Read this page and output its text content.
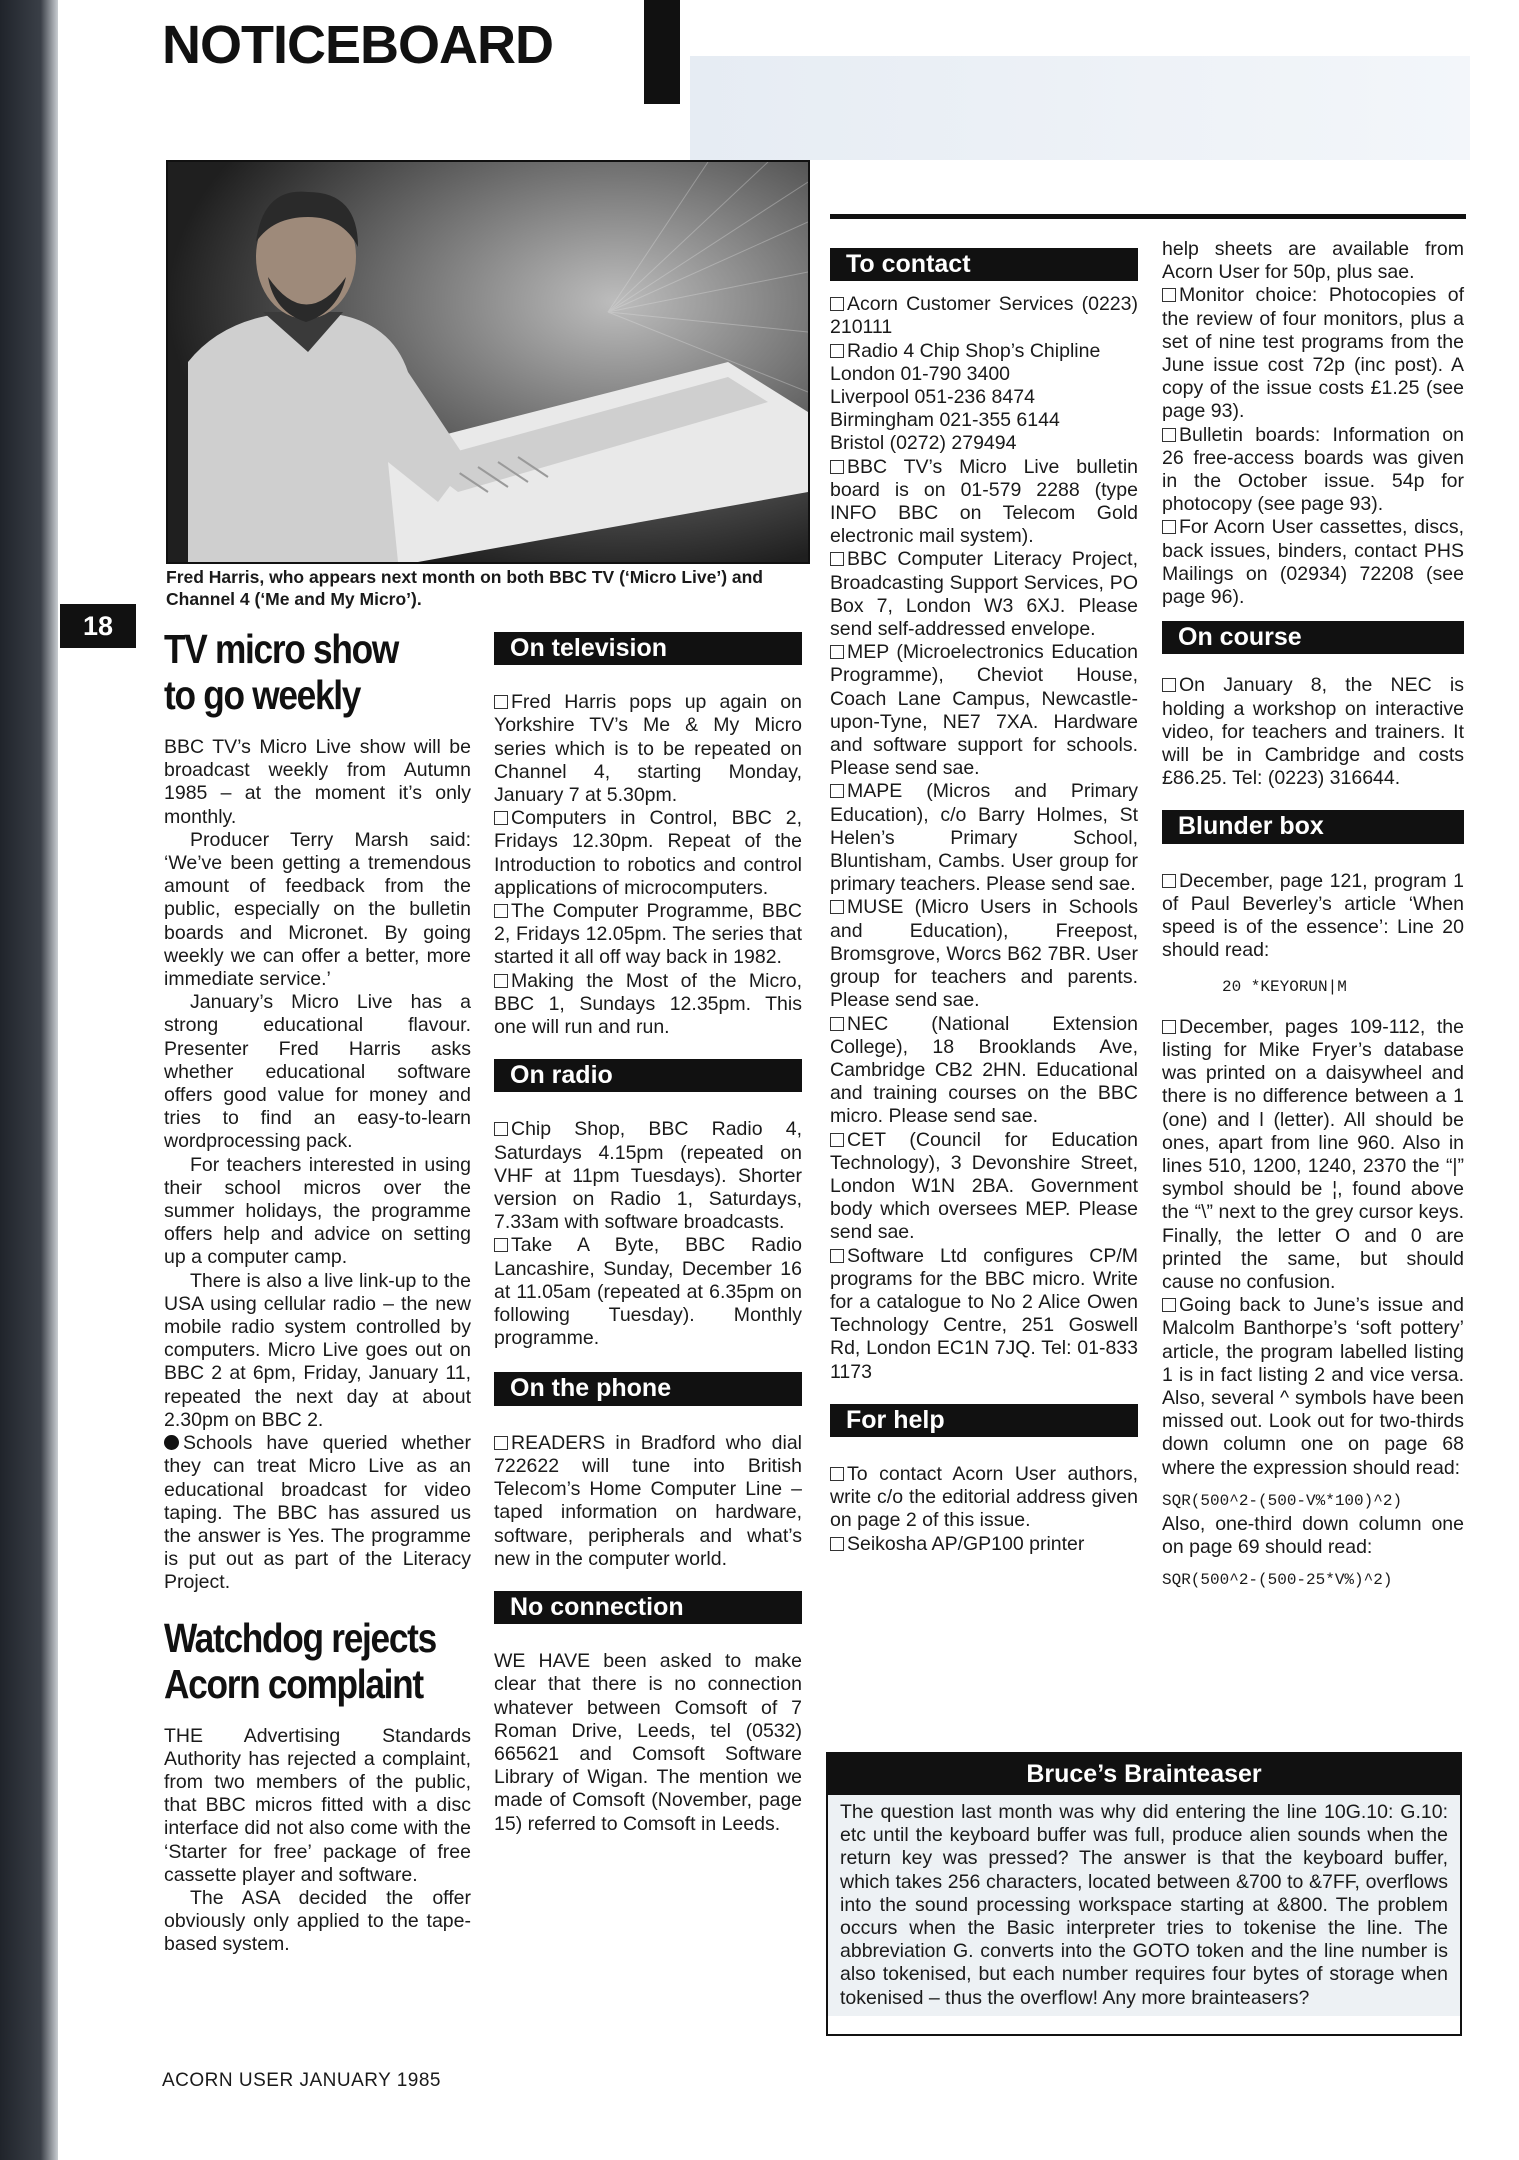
18
NOTICEBOARD
Fred Harris, who appears next month on both BBC TV (‘Micro Live’) and Channel 4 (‘Me and My Micro’).
TV micro show
to go weekly

BBC TV’s Micro Live show will be broadcast weekly from Autumn 1985 – at the moment it’s only monthly.

Producer Terry Marsh said: ‘We’ve been getting a tremendous amount of feedback from the public, especially on the bulletin boards and Micronet. By going weekly we can offer a better, more immediate service.’

January’s Micro Live has a strong educational flavour. Presenter Fred Harris asks whether educational software offers good value for money and tries to find an easy-to-learn wordprocessing pack.

For teachers interested in using their school micros over the summer holidays, the programme offers help and advice on setting up a computer camp.

There is also a live link-up to the USA using cellular radio – the new mobile radio system controlled by computers. Micro Live goes out on BBC 2 at 6pm, Friday, January 11, repeated the next day at about 2.30pm on BBC 2.

Schools have queried whether they can treat Micro Live as an educational broadcast for video taping. The BBC has assured us the answer is Yes. The programme is put out as part of the Literacy Project.

Watchdog rejects
Acorn complaint

THE Advertising Standards Authority has rejected a complaint, from two members of the public, that BBC micros fitted with a disc interface did not also come with the ‘Starter for free’ package of free cassette player and software.

The ASA decided the offer obviously only applied to the tape-based system.

On television

Fred Harris pops up again on Yorkshire TV’s Me & My Micro series which is to be repeated on Channel 4, starting Monday, January 7 at 5.30pm.

Computers in Control, BBC 2, Fridays 12.30pm. Repeat of the Introduction to robotics and control applications of microcomputers.

The Computer Programme, BBC 2, Fridays 12.05pm. The series that started it all off way back in 1982.

Making the Most of the Micro, BBC 1, Sundays 12.35pm. This one will run and run.

On radio

Chip Shop, BBC Radio 4, Saturdays 4.15pm (repeated on VHF at 11pm Tuesdays). Shorter version on Radio 1, Saturdays, 7.33am with software broadcasts.

Take A Byte, BBC Radio Lancashire, Sunday, December 16 at 11.05am (repeated at 6.35pm on following Tuesday). Monthly programme.

On the phone

READERS in Bradford who dial 722622 will tune into British Telecom’s Home Computer Line – taped information on hardware, software, peripherals and what’s new in the computer world.

No connection

WE HAVE been asked to make clear that there is no connection whatever between Comsoft of 7 Roman Drive, Leeds, tel (0532) 665621 and Comsoft Software Library of Wigan. The mention we made of Comsoft (November, page 15) referred to Comsoft in Leeds.

To contact

Acorn Customer Services (0223) 210111

Radio 4 Chip Shop’s Chipline

London 01-790 3400

Liverpool 051-236 8474

Birmingham 021-355 6144

Bristol (0272) 279494

BBC TV’s Micro Live bulletin board is on 01-579 2288 (type INFO BBC on Telecom Gold electronic mail system).

BBC Computer Literacy Project, Broadcasting Support Services, PO Box 7, London W3 6XJ. Please send self-addressed envelope.

MEP (Microelectronics Education Programme), Cheviot House, Coach Lane Campus, Newcastle-upon-Tyne, NE7 7XA. Hardware and software support for schools. Please send sae.

MAPE (Micros and Primary Education), c/o Barry Holmes, St Helen’s Primary School, Bluntisham, Cambs. User group for primary teachers. Please send sae.

MUSE (Micro Users in Schools and Education), Freepost, Bromsgrove, Worcs B62 7BR. User group for teachers and parents. Please send sae.

NEC (National Extension College), 18 Brooklands Ave, Cambridge CB2 2HN. Educational and training courses on the BBC micro. Please send sae.

CET (Council for Education Technology), 3 Devonshire Street, London W1N 2BA. Government body which oversees MEP. Please send sae.

Software Ltd configures CP/M programs for the BBC micro. Write for a catalogue to No 2 Alice Owen Technology Centre, 251 Goswell Rd, London EC1N 7JQ. Tel: 01-833 1173

For help

To contact Acorn User authors, write c/o the editorial address given on page 2 of this issue.

Seikosha AP/GP100 printer

help sheets are available from Acorn User for 50p, plus sae.

Monitor choice: Photocopies of the review of four monitors, plus a set of nine test programs from the June issue cost 72p (inc post). A copy of the issue costs £1.25 (see page 93).

Bulletin boards: Information on 26 free-access boards was given in the October issue. 54p for photocopy (see page 93).

For Acorn User cassettes, discs, back issues, binders, contact PHS Mailings on (02934) 72208 (see page 96).

On course

On January 8, the NEC is holding a workshop on interactive video, for teachers and trainers. It will be in Cambridge and costs £86.25. Tel: (0223) 316644.

Blunder box

December, page 121, program 1 of Paul Beverley’s article ‘When speed is of the essence’: Line 20 should read:

20 *KEYORUN|M

December, pages 109-112, the listing for Mike Fryer’s database was printed on a daisywheel and there is no difference between a 1 (one) and l (letter). All should be ones, apart from line 960. Also in lines 510, 1200, 1240, 2370 the “|” symbol should be ¦, found above the “\” next to the grey cursor keys. Finally, the letter O and 0 are printed the same, but should cause no confusion.

Going back to June’s issue and Malcolm Banthorpe’s ‘soft pottery’ article, the program labelled listing 1 is in fact listing 2 and vice versa. Also, several ^ symbols have been missed out. Look out for two-thirds down column one on page 68 where the expression should read:

SQR(500^2-(500-V%*100)^2)

Also, one-third down column one on page 69 should read:

SQR(500^2-(500-25*V%)^2)

Bruce’s Brainteaser

The question last month was why did entering the line 10G.10: G.10: etc until the keyboard buffer was full, produce alien sounds when the return key was pressed? The answer is that the keyboard buffer, which takes 256 characters, located between &700 to &7FF, overflows into the sound processing workspace starting at &800. The problem occurs when the Basic interpreter tries to tokenise the line. The abbreviation G. converts into the GOTO token and the line number is also tokenised, but each number requires four bytes of storage when tokenised – thus the overflow! Any more brainteasers?

ACORN USER JANUARY 1985
